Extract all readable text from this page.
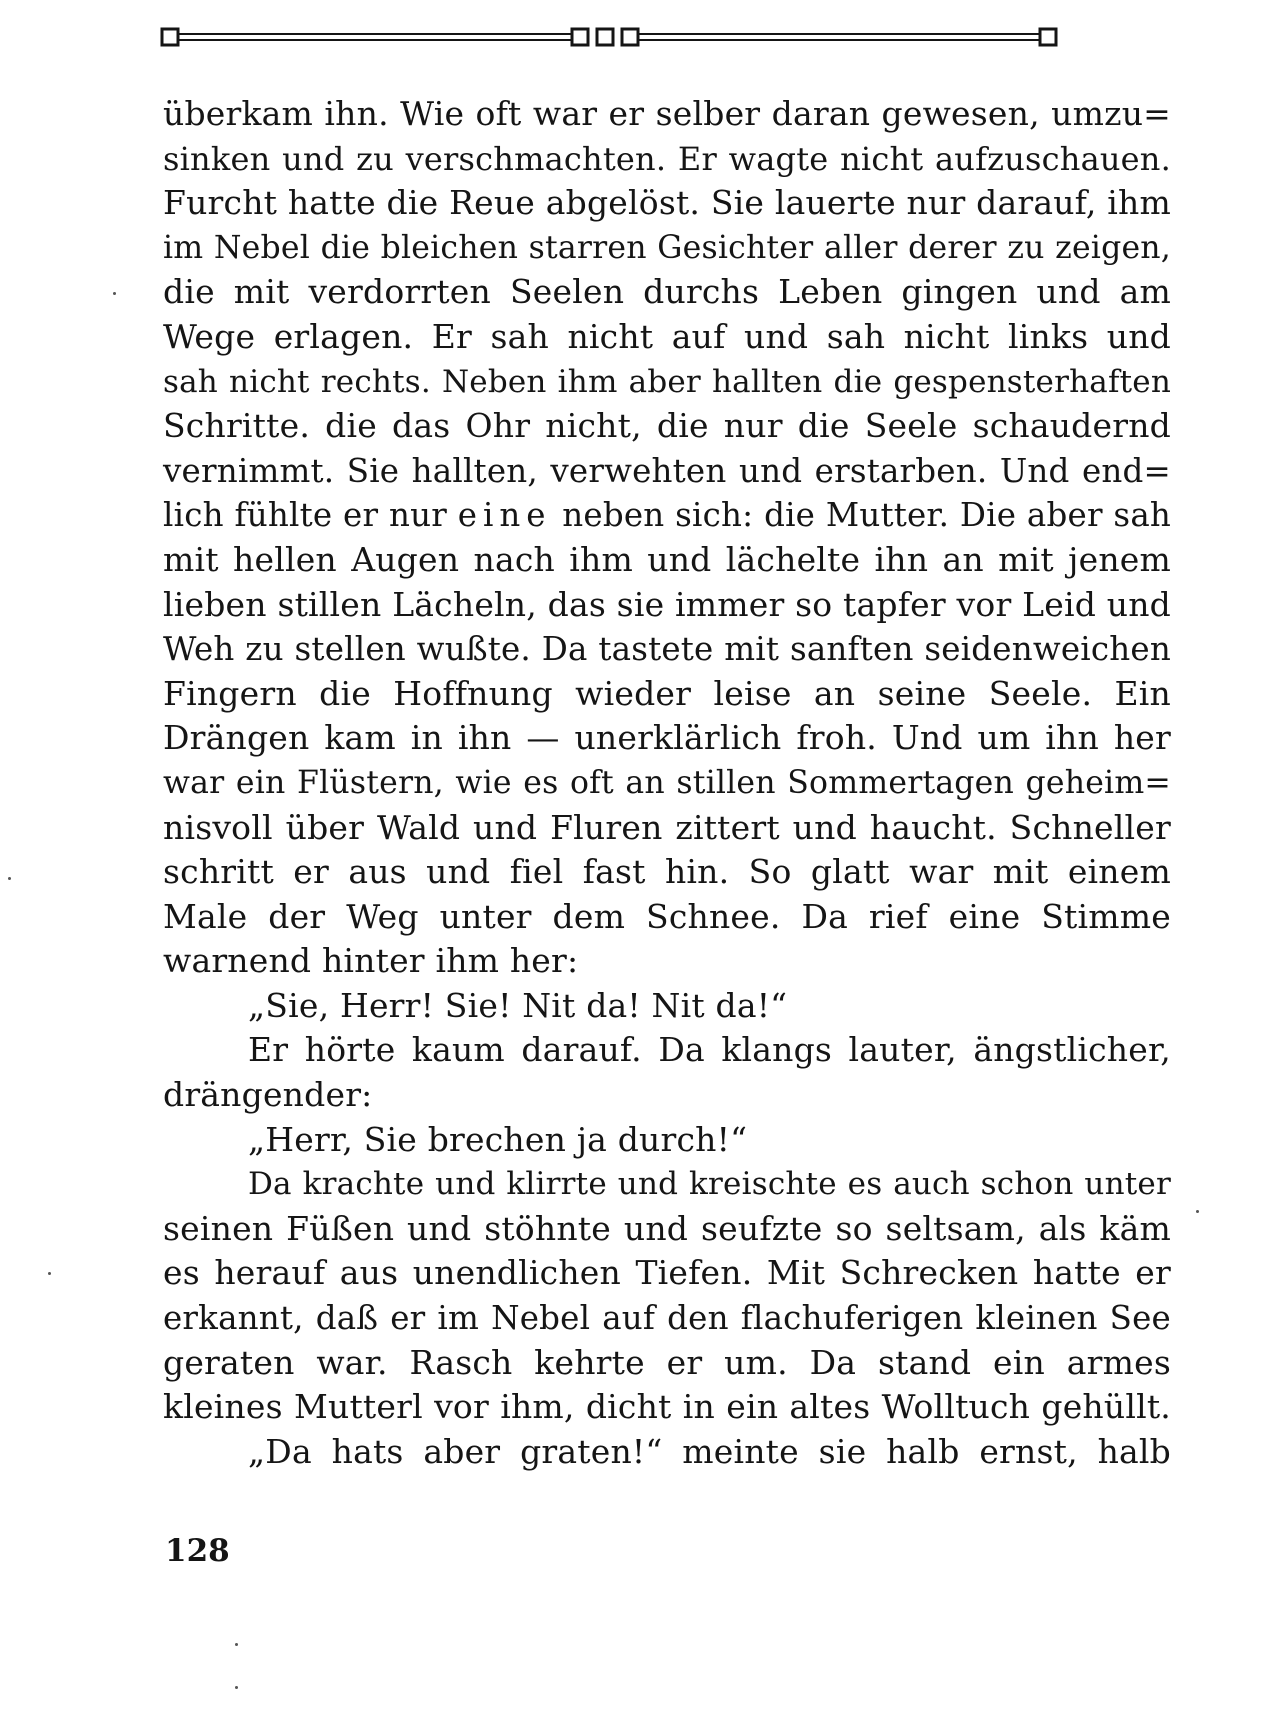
überkam ihn. Wie oft war er selber daran gewesen, umzu=
sinken und zu verschmachten. Er wagte nicht aufzuschauen.
Furcht hatte die Reue abgelöst. Sie lauerte nur darauf, ihm
im Nebel die bleichen starren Gesichter aller derer zu zeigen,
die mit verdorrten Seelen durchs Leben gingen und am
Wege erlagen. Er sah nicht auf und sah nicht links und
sah nicht rechts. Neben ihm aber hallten die gespensterhaften
Schritte. die das Ohr nicht, die nur die Seele schaudernd
vernimmt. Sie hallten, verwehten und erstarben. Und end=
lich fühlte er nur eine neben sich: die Mutter. Die aber sah
mit hellen Augen nach ihm und lächelte ihn an mit jenem
lieben stillen Lächeln, das sie immer so tapfer vor Leid und
Weh zu stellen wußte. Da tastete mit sanften seidenweichen
Fingern die Hoffnung wieder leise an seine Seele. Ein
Drängen kam in ihn — unerklärlich froh. Und um ihn her
war ein Flüstern, wie es oft an stillen Sommertagen geheim=
nisvoll über Wald und Fluren zittert und haucht. Schneller
schritt er aus und fiel fast hin. So glatt war mit einem
Male der Weg unter dem Schnee. Da rief eine Stimme
warnend hinter ihm her:
„Sie, Herr! Sie! Nit da! Nit da!“
Er hörte kaum darauf. Da klangs lauter, ängstlicher,
drängender:
„Herr, Sie brechen ja durch!“
Da krachte und klirrte und kreischte es auch schon unter
seinen Füßen und stöhnte und seufzte so seltsam, als käm
es herauf aus unendlichen Tiefen. Mit Schrecken hatte er
erkannt, daß er im Nebel auf den flachuferigen kleinen See
geraten war. Rasch kehrte er um. Da stand ein armes
kleines Mutterl vor ihm, dicht in ein altes Wolltuch gehüllt.
„Da hats aber graten!“ meinte sie halb ernst, halb
128
